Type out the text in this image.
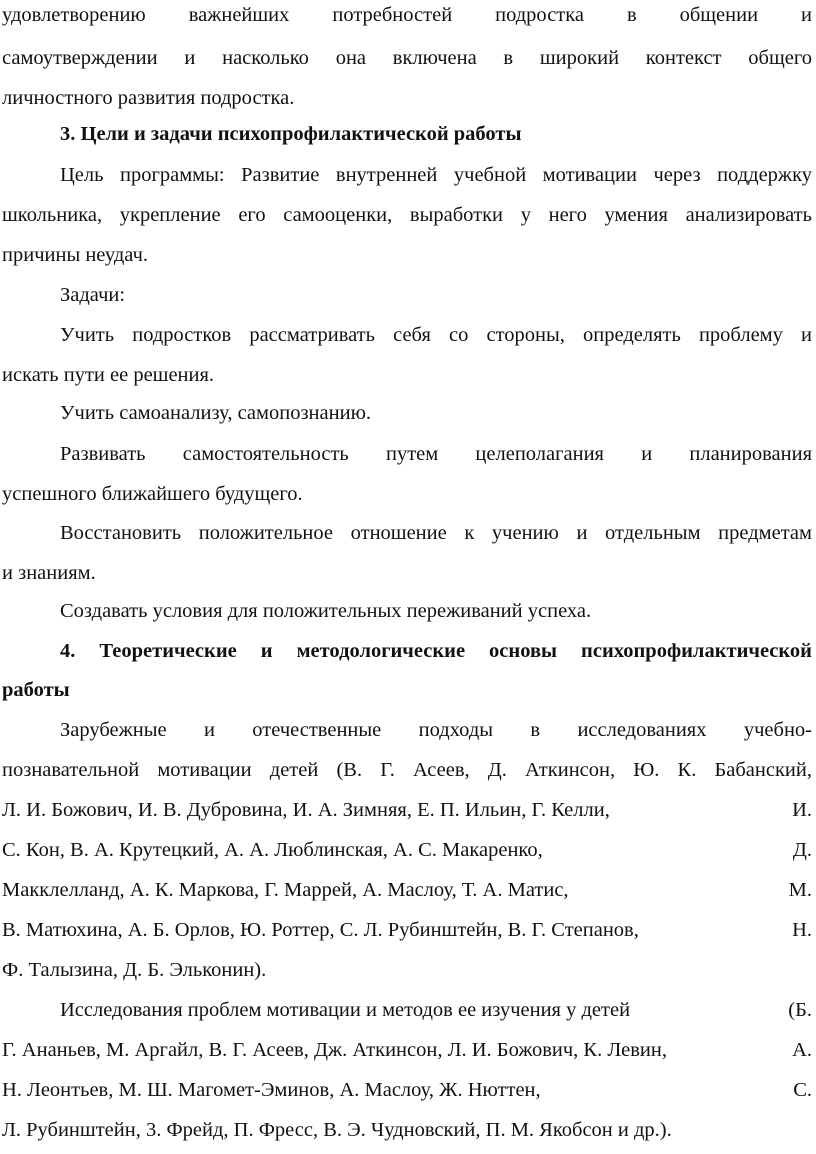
удовлетворению важнейших потребностей подростка в общении и
самоутверждении и насколько она включена в широкий контекст общего
личностного развития подростка.
3. Цели и задачи психопрофилактической работы
Цель программы: Развитие внутренней учебной мотивации через поддержку
школьника, укрепление его самооценки, выработки у него умения анализировать
причины неудач.
Задачи:
Учить подростков рассматривать себя со стороны, определять проблему и
искать пути ее решения.
Учить самоанализу, самопознанию.
Развивать самостоятельность путем целеполагания и планирования
успешного ближайшего будущего.
Восстановить положительное отношение к учению и отдельным предметам
и знаниям.
Создавать условия для положительных переживаний успеха.
4. Теоретические и методологические основы психопрофилактической
работы
Зарубежные и отечественные подходы в исследованиях учебно-
познавательной мотивации детей (В. Г. Асеев, Д. Аткинсон, Ю. К. Бабанский,
Л. И. Божович, И. В. Дубровина, И. А. Зимняя, Е. П. Ильин, Г. Келли,	И.
С. Кон, В. А. Крутецкий, А. А. Люблинская, А. С. Макаренко,	Д.
Макклелланд, А. К. Маркова, Г. Маррей, А. Маслоу, Т. А. Матис,	М.
В. Матюхина, А. Б. Орлов, Ю. Роттер, С. Л. Рубинштейн, В. Г. Степанов,	Н.
Ф. Талызина, Д. Б. Эльконин).
Исследования проблем мотивации и методов ее изучения у детей	(Б.
Г. Ананьев, М. Аргайл, В. Г. Асеев, Дж. Аткинсон, Л. И. Божович, К. Левин,	А.
Н. Леонтьев, М. Ш. Магомет-Эминов, А. Маслоу, Ж. Нюттен,	С.
Л. Рубинштейн, 3. Фрейд, П. Фресс, В. Э. Чудновский, П. М. Якобсон и др.).
